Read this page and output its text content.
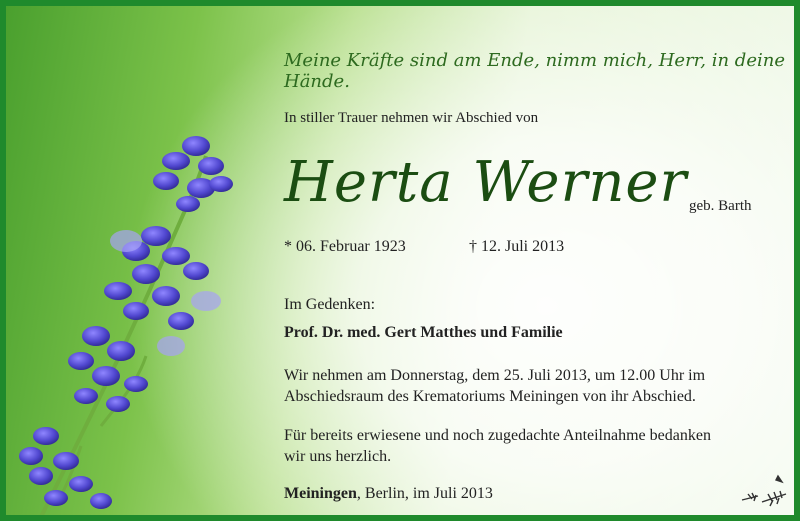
Meine Kräfte sind am Ende, nimm mich, Herr, in deine Hände.
In stiller Trauer nehmen wir Abschied von
Herta Werner geb. Barth
* 06. Februar 1923	† 12. Juli 2013
Im Gedenken:
Prof. Dr. med. Gert Matthes und Familie
Wir nehmen am Donnerstag, dem 25. Juli 2013, um 12.00 Uhr im
Abschiedsraum des Krematoriums Meiningen von ihr Abschied.
Für bereits erwiesene und noch zugedachte Anteilnahme bedanken
wir uns herzlich.
Meiningen, Berlin, im Juli 2013
